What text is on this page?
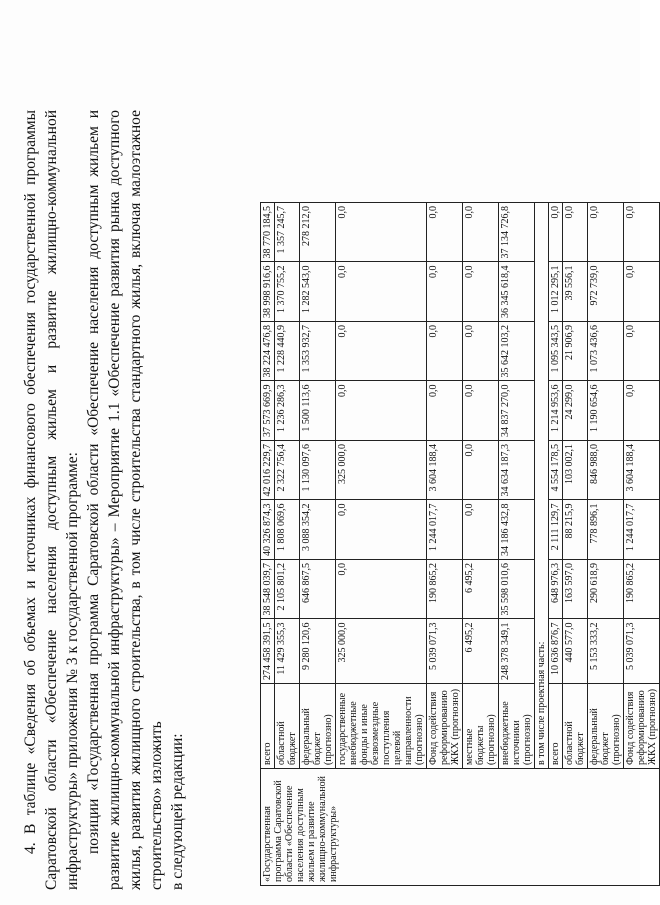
4. В таблице «Сведения об объемах и источниках финансового обеспечения государственной программы Саратовской области «Обеспечение населения доступным жильем и развитие жилищно-коммунальной инфраструктуры» приложения № 3 к государственной программе: позиции «Государственная программа Саратовской области «Обеспечение населения доступным жильем и развитие жилищно-коммунальной инфраструктуры» – Мероприятие 1.1 «Обеспечение развития рынка доступного жилья, развития жилищного строительства, в том числе строительства стандартного жилья, включая малоэтажное строительство» изложить в следующей редакции:	«Государственная программа Саратовской области «Обеспечение населения доступным жильем и развитие жилищно-коммунальной инфраструктуры»	всего	274 458 391,5	38 548 039,7	40 326 874,3	42 016 229,7	37 573 669,9	38 224 476,8	38 998 916,6	38 770 184,5
	областной бюджет	11 429 355,3	2 105 801,2	1 808 069,6	2 322 756,4	1 236 286,3	1 228 440,9	1 370 755,2	1 357 245,7
	федеральный бюджет (прогнозно)	9 280 120,6	646 867,5	3 088 354,2	1 130 097,6	1 500 113,6	1 353 932,7	1 282 543,0	278 212,0
	государственные внебюджетные фонды и иные безвозмездные поступления целевой направленности (прогнозно)	325 000,0	0,0	0,0	325 000,0	0,0	0,0	0,0	0,0
	Фонд содействия реформированию ЖКХ (прогнозно)	5 039 071,3	190 865,2	1 244 017,7	3 604 188,4	0,0	0,0	0,0	0,0
	местные бюджеты (прогнозно)	6 495,2	6 495,2	0,0	0,0	0,0	0,0	0,0	0,0
	внебюджетные источники (прогнозно)	248 378 349,1	35 598 010,6	34 186 432,8	34 634 187,3	34 837 270,0	35 642 103,2	36 345 618,4	37 134 726,8
	в том числе проектная часть:								
	всего	10 636 876,7	648 976,3	2 111 129,7	4 554 178,5	1 214 953,6	1 095 343,5	1 012 295,1	0,0
	областной бюджет	440 577,0	163 597,0	88 215,9	103 002,1	24 299,0	21 906,9	39 556,1	0,0
	федеральный бюджет (прогнозно)	5 153 333,2	290 618,9	778 896,1	846 988,0	1 190 654,6	1 073 436,6	972 739,0	0,0
	Фонд содействия реформированию ЖКХ (прогнозно)	5 039 071,3	190 865,2	1 244 017,7	3 604 188,4	0,0	0,0	0,0	0,0
